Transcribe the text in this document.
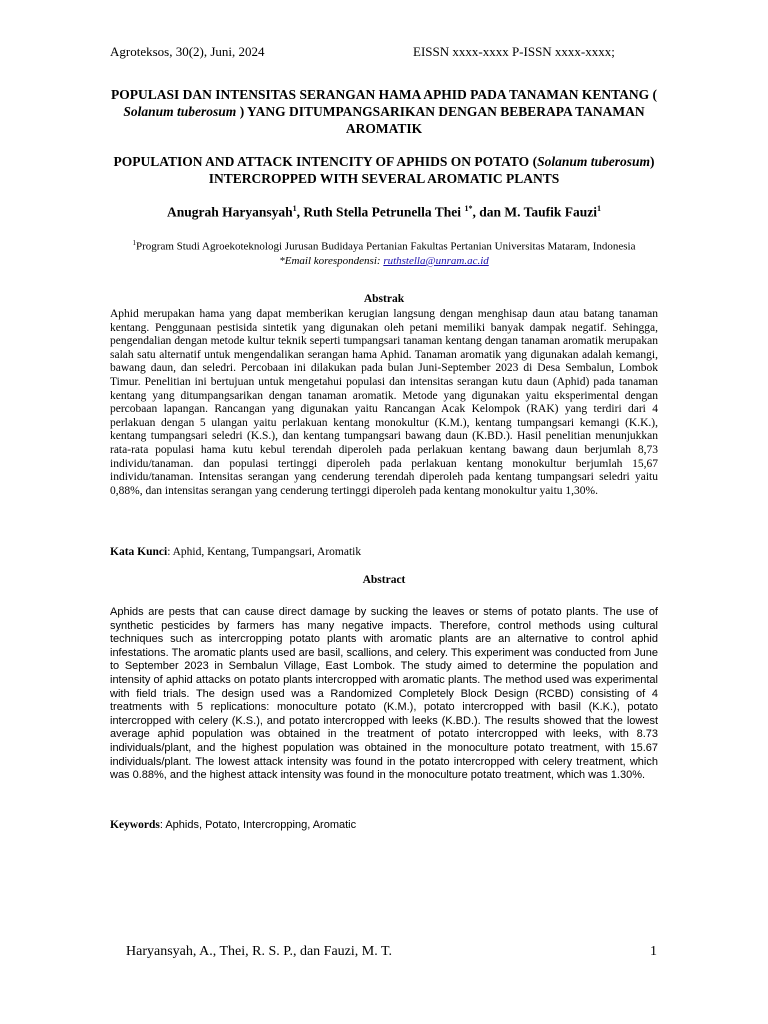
Agroteksos, 30(2), Juni, 2024	EISSN xxxx-xxxx P-ISSN xxxx-xxxx;
POPULASI DAN INTENSITAS SERANGAN HAMA APHID PADA TANAMAN KENTANG ( Solanum tuberosum ) YANG DITUMPANGSARIKAN DENGAN BEBERAPA TANAMAN AROMATIK
POPULATION AND ATTACK INTENCITY OF APHIDS ON POTATO (Solanum tuberosum) INTERCROPPED WITH SEVERAL AROMATIC PLANTS
Anugrah Haryansyah$^1$, Ruth Stella Petrunella Thei $^{1*}$, dan M. Taufik Fauzi$^1$
$^1$Program Studi Agroekoteknologi Jurusan Budidaya Pertanian Fakultas Pertanian Universitas Mataram, Indonesia
*Email korespondensi: ruthstella@unram.ac.id
Abstrak
Aphid merupakan hama yang dapat memberikan kerugian langsung dengan menghisap daun atau batang tanaman kentang. Penggunaan pestisida sintetik yang digunakan oleh petani memiliki banyak dampak negatif. Sehingga, pengendalian dengan metode kultur teknik seperti tumpangsari tanaman kentang dengan tanaman aromatik merupakan salah satu alternatif untuk mengendalikan serangan hama Aphid. Tanaman aromatik yang digunakan adalah kemangi, bawang daun, dan seledri. Percobaan ini dilakukan pada bulan Juni-September 2023 di Desa Sembalun, Lombok Timur. Penelitian ini bertujuan untuk mengetahui populasi dan intensitas serangan kutu daun (Aphid) pada tanaman kentang yang ditumpangsarikan dengan tanaman aromatik. Metode yang digunakan yaitu eksperimental dengan percobaan lapangan. Rancangan yang digunakan yaitu Rancangan Acak Kelompok (RAK) yang terdiri dari 4 perlakuan dengan 5 ulangan yaitu perlakuan kentang monokultur (K.M.), kentang tumpangsari kemangi (K.K.), kentang tumpangsari seledri (K.S.), dan kentang tumpangsari bawang daun (K.BD.). Hasil penelitian menunjukkan rata-rata populasi hama kutu kebul terendah diperoleh pada perlakuan kentang bawang daun berjumlah 8,73 individu/tanaman. dan populasi tertinggi diperoleh pada perlakuan kentang monokultur berjumlah 15,67 individu/tanaman. Intensitas serangan yang cenderung terendah diperoleh pada kentang tumpangsari seledri yaitu 0,88%, dan intensitas serangan yang cenderung tertinggi diperoleh pada kentang monokultur yaitu 1,30%.
Kata Kunci: Aphid, Kentang, Tumpangsari, Aromatik
Abstract
Aphids are pests that can cause direct damage by sucking the leaves or stems of potato plants. The use of synthetic pesticides by farmers has many negative impacts. Therefore, control methods using cultural techniques such as intercropping potato plants with aromatic plants are an alternative to control aphid infestations. The aromatic plants used are basil, scallions, and celery. This experiment was conducted from June to September 2023 in Sembalun Village, East Lombok. The study aimed to determine the population and intensity of aphid attacks on potato plants intercropped with aromatic plants. The method used was experimental with field trials. The design used was a Randomized Completely Block Design (RCBD) consisting of 4 treatments with 5 replications: monoculture potato (K.M.), potato intercropped with basil (K.K.), potato intercropped with celery (K.S.), and potato intercropped with leeks (K.BD.). The results showed that the lowest average aphid population was obtained in the treatment of potato intercropped with leeks, with 8.73 individuals/plant, and the highest population was obtained in the monoculture potato treatment, with 15.67 individuals/plant. The lowest attack intensity was found in the potato intercropped with celery treatment, which was 0.88%, and the highest attack intensity was found in the monoculture potato treatment, which was 1.30%.
Keywords: Aphids, Potato, Intercropping, Aromatic
Haryansyah, A., Thei, R. S. P., dan Fauzi, M. T.	1
